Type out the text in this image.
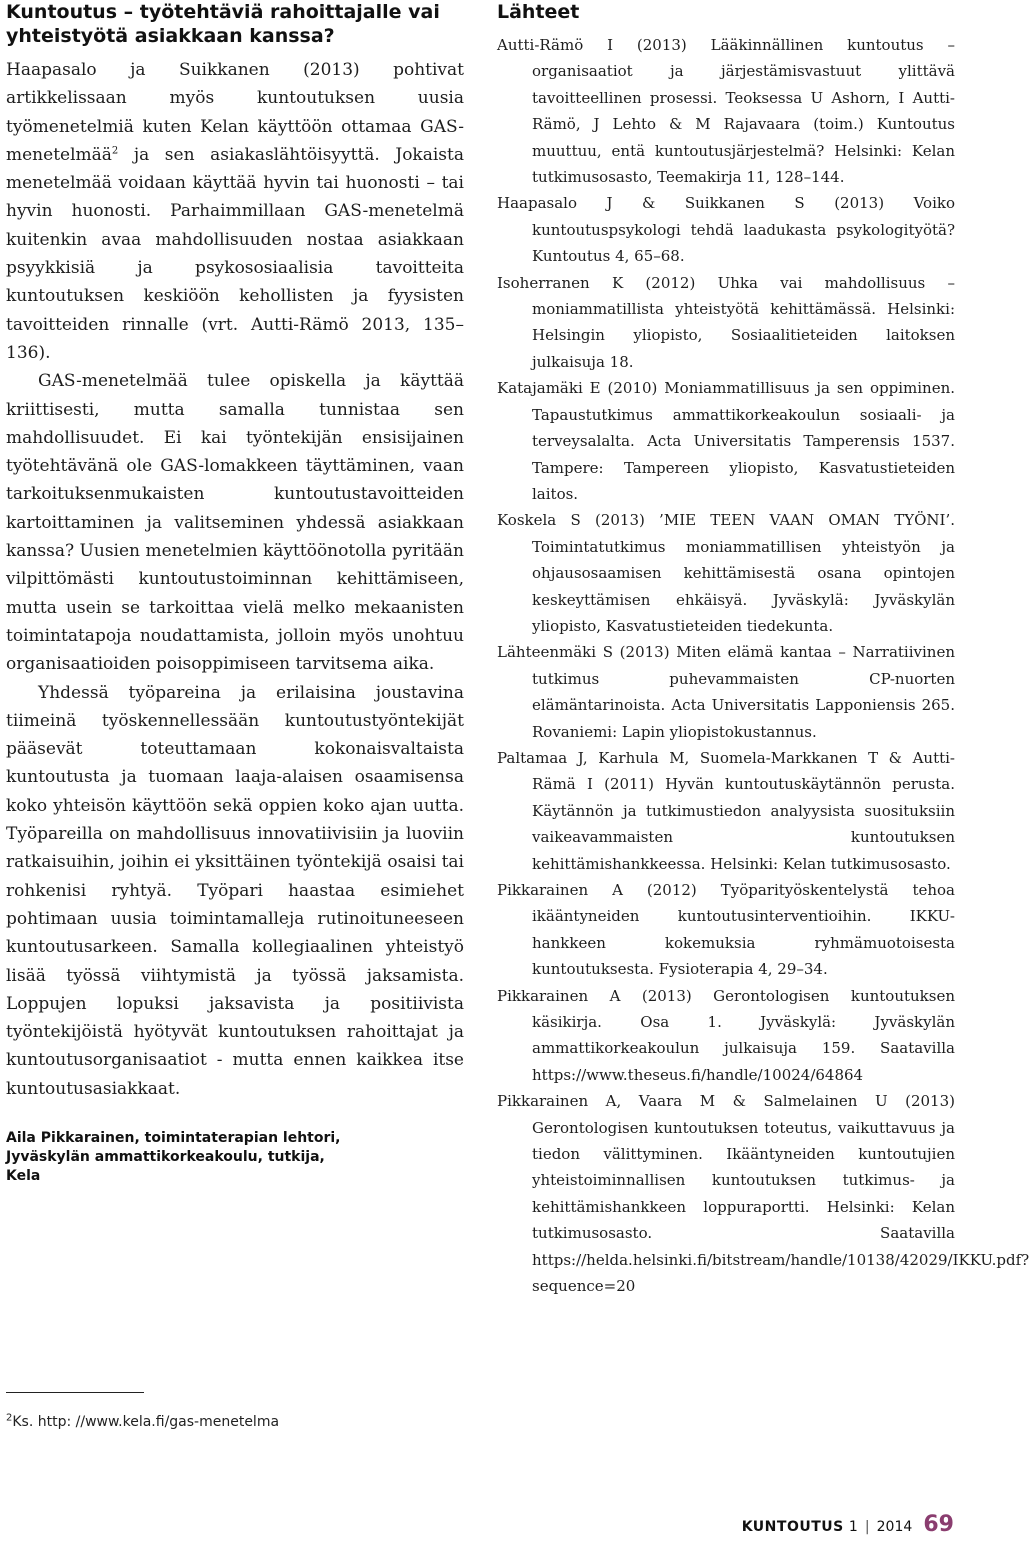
Kuntoutus – työtehtäviä rahoittajalle vai yhteistyötä asiakkaan kanssa?

Haapasalo ja Suikkanen (2013) pohtivat artikkelissaan myös kuntoutuksen uusia työmenetelmiä kuten Kelan käyttöön ottamaa GAS-menetelmää$^2$ ja sen asiakaslähtöisyyttä. Jokaista menetelmää voidaan käyttää hyvin tai huonosti – tai hyvin huonosti. Parhaimmillaan GAS-menetelmä kuitenkin avaa mahdollisuuden nostaa asiakkaan psyykkisiä ja psykososiaalisia tavoitteita kuntoutuksen keskiöön kehollisten ja fyysisten tavoitteiden rinnalle (vrt. Autti-Rämö 2013, 135–136).

GAS-menetelmää tulee opiskella ja käyttää kriittisesti, mutta samalla tunnistaa sen mahdollisuudet. Ei kai työntekijän ensisijainen työtehtävänä ole GAS-lomakkeen täyttäminen, vaan tarkoituksenmukaisten kuntoutustavoitteiden kartoittaminen ja valitseminen yhdessä asiakkaan kanssa? Uusien menetelmien käyttöönotolla pyritään vilpittömästi kuntoutustoiminnan kehittämiseen, mutta usein se tarkoittaa vielä melko mekaanisten toimintatapoja noudattamista, jolloin myös unohtuu organisaatioiden poisoppimiseen tarvitsema aika.

Yhdessä työpareina ja erilaisina joustavina tiimeinä työskennellessään kuntoutustyöntekijät pääsevät toteuttamaan kokonaisvaltaista kuntoutusta ja tuomaan laaja-alaisen osaamisensa koko yhteisön käyttöön sekä oppien koko ajan uutta. Työpareilla on mahdollisuus innovatiivisiin ja luoviin ratkaisuihin, joihin ei yksittäinen työntekijä osaisi tai rohkenisi ryhtyä. Työpari haastaa esimiehet pohtimaan uusia toimintamalleja rutinoituneeseen kuntoutusarkeen. Samalla kollegiaalinen yhteistyö lisää työssä viihtymistä ja työssä jaksamista. Loppujen lopuksi jaksavista ja positiivista työntekijöistä hyötyvät kuntoutuksen rahoittajat ja kuntoutusorganisaatiot - mutta ennen kaikkea itse kuntoutusasiakkaat.

Aila Pikkarainen, toimintaterapian lehtori,
Jyväskylän ammattikorkeakoulu, tutkija,
Kela
Lähteet
Autti-Rämö I (2013) Lääkinnällinen kuntoutus – organisaatiot ja järjestämisvastuut ylittävä tavoitteellinen prosessi. Teoksessa U Ashorn, I Autti-Rämö, J Lehto & M Rajavaara (toim.) Kuntoutus muuttuu, entä kuntoutusjärjestelmä? Helsinki: Kelan tutkimusosasto, Teemakirja 11, 128–144.
Haapasalo J & Suikkanen S (2013) Voiko kuntoutuspsykologi tehdä laadukasta psykologityötä? Kuntoutus 4, 65–68.
Isoherranen K (2012) Uhka vai mahdollisuus – moniammatillista yhteistyötä kehittämässä. Helsinki: Helsingin yliopisto, Sosiaalitieteiden laitoksen julkaisuja 18.
Katajamäki E (2010) Moniammatillisuus ja sen oppiminen. Tapaustutkimus ammattikorkeakoulun sosiaali- ja terveysalalta. Acta Universitatis Tamperensis 1537. Tampere: Tampereen yliopisto, Kasvatustieteiden laitos.
Koskela S (2013) ’MIE TEEN VAAN OMAN TYÖNI’. Toimintatutkimus moniammatillisen yhteistyön ja ohjausosaamisen kehittämisestä osana opintojen keskeyttämisen ehkäisyä. Jyväskylä: Jyväskylän yliopisto, Kasvatustieteiden tiedekunta.
Lähteenmäki S (2013) Miten elämä kantaa – Narratiivinen tutkimus puhevammaisten CP-nuorten elämäntarinoista. Acta Universitatis Lapponiensis 265. Rovaniemi: Lapin yliopistokustannus.
Paltamaa J, Karhula M, Suomela-Markkanen T & Autti-Rämä I (2011) Hyvän kuntoutuskäytännön perusta. Käytännön ja tutkimustiedon analyysista suosituksiin vaikeavammaisten kuntoutuksen kehittämishankkeessa. Helsinki: Kelan tutkimusosasto.
Pikkarainen A (2012) Työparityöskentelystä tehoa ikääntyneiden kuntoutusinterventioihin. IKKU-hankkeen kokemuksia ryhmämuotoisesta kuntoutuksesta. Fysioterapia 4, 29–34.
Pikkarainen A (2013) Gerontologisen kuntoutuksen käsikirja. Osa 1. Jyväskylä: Jyväskylän ammattikorkeakoulun julkaisuja 159. Saatavilla https://www.theseus.fi/handle/10024/64864
Pikkarainen A, Vaara M & Salmelainen U (2013) Gerontologisen kuntoutuksen toteutus, vaikuttavuus ja tiedon välittyminen. Ikääntyneiden kuntoutujien yhteistoiminnallisen kuntoutuksen tutkimus- ja kehittämishankkeen loppuraportti. Helsinki: Kelan tutkimusosasto. Saatavilla https://helda.helsinki.fi/bitstream/handle/10138/42029/IKKU.pdf?sequence=20
$^2$Ks. http: //www.kela.fi/gas-menetelma
KUNTOUTUS 1 | 2014 69
